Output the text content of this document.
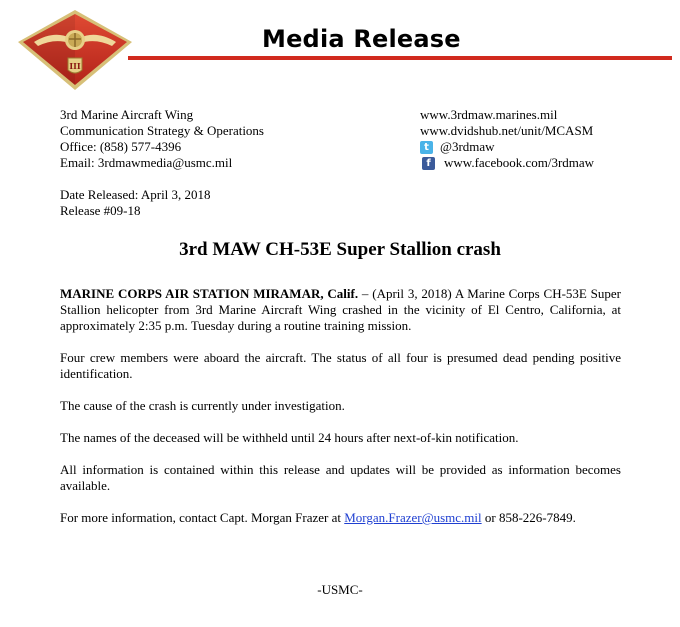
III
Media Release
3rd Marine Aircraft Wing
Communication Strategy & Operations
Office: (858) 577-4396
Email: 3rdmawmedia@usmc.mil
www.3rdmaw.marines.mil
www.dvidshub.net/unit/MCASM
t @3rdmaw
f	www.facebook.com/3rdmaw
Date Released: April 3, 2018
Release #09-18
3rd MAW CH-53E Super Stallion crash

MARINE CORPS AIR STATION MIRAMAR, Calif. – (April 3, 2018) A Marine Corps CH-53E Super Stallion helicopter from 3rd Marine Aircraft Wing crashed in the vicinity of El Centro, California, at approximately 2:35 p.m. Tuesday during a routine training mission.

Four crew members were aboard the aircraft. The status of all four is presumed dead pending positive identification.

The cause of the crash is currently under investigation.

The names of the deceased will be withheld until 24 hours after next-of-kin notification.

All information is contained within this release and updates will be provided as information becomes available.

For more information, contact Capt. Morgan Frazer at Morgan.Frazer@usmc.mil or 858-226-7849.

-USMC-
